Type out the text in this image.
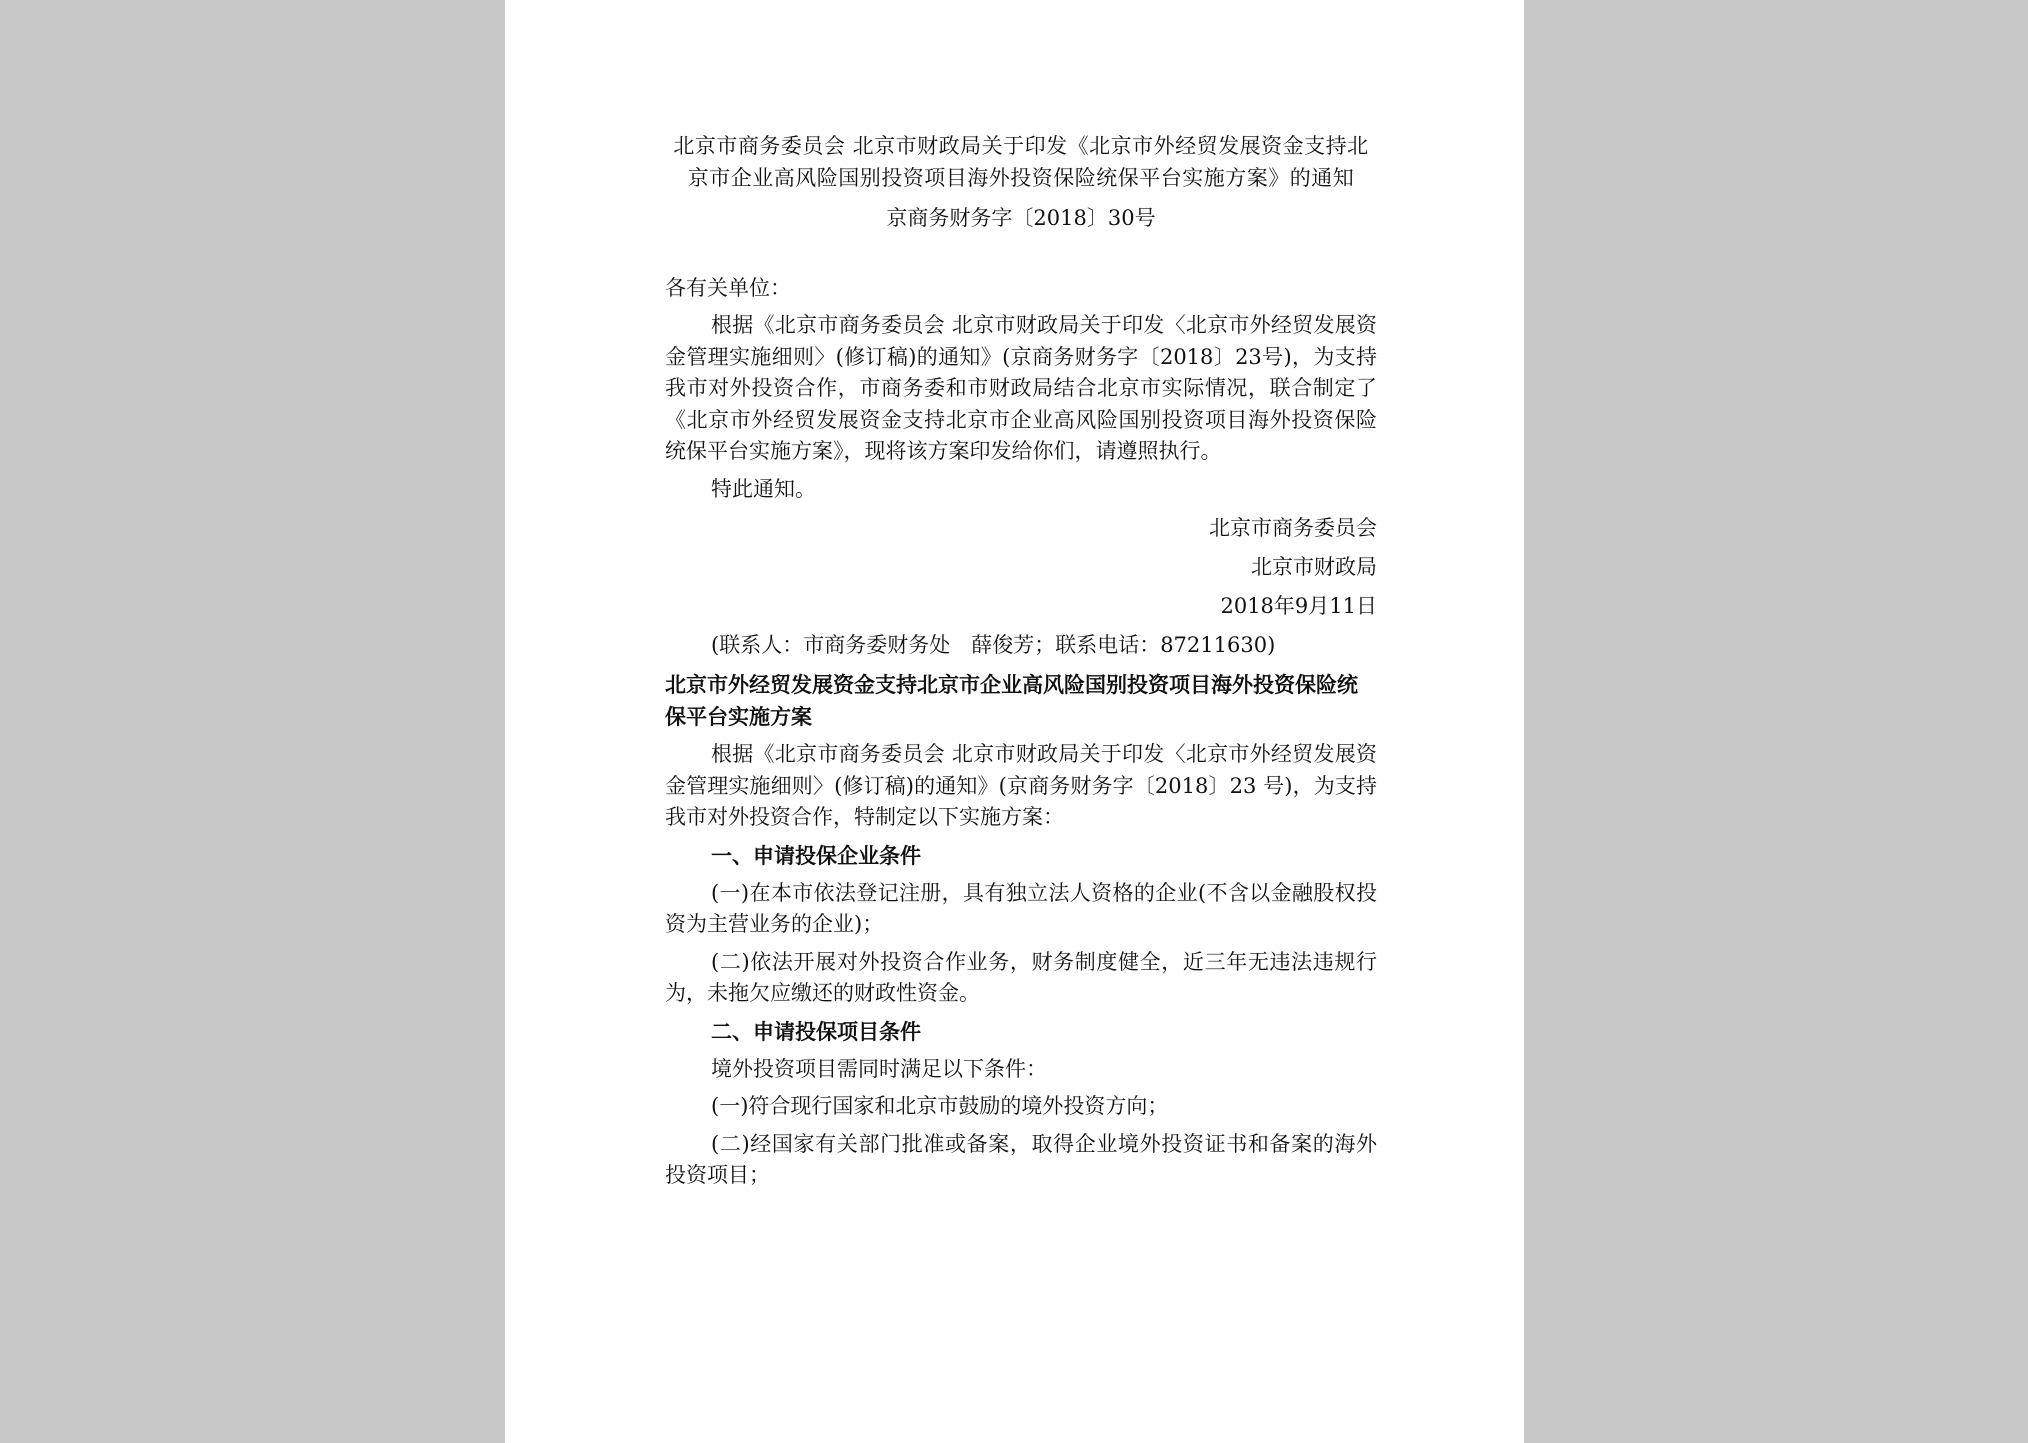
北京市商务委员会 北京市财政局关于印发《北京市外经贸发展资金支持北京市企业高风险国别投资项目海外投资保险统保平台实施方案》的通知
京商务财务字〔2018〕30号
各有关单位：

根据《北京市商务委员会 北京市财政局关于印发〈北京市外经贸发展资金管理实施细则〉(修订稿)的通知》(京商务财务字〔2018〕23号)，为支持我市对外投资合作，市商务委和市财政局结合北京市实际情况，联合制定了《北京市外经贸发展资金支持北京市企业高风险国别投资项目海外投资保险统保平台实施方案》，现将该方案印发给你们，请遵照执行。

特此通知。

北京市商务委员会
北京市财政局
2018年9月11日
(联系人：市商务委财务处　薛俊芳；联系电话：87211630)
北京市外经贸发展资金支持北京市企业高风险国别投资项目海外投资保险统保平台实施方案

根据《北京市商务委员会 北京市财政局关于印发〈北京市外经贸发展资金管理实施细则〉(修订稿)的通知》(京商务财务字〔2018〕23 号)，为支持我市对外投资合作，特制定以下实施方案：

一、申请投保企业条件

(一)在本市依法登记注册，具有独立法人资格的企业(不含以金融股权投资为主营业务的企业)；

(二)依法开展对外投资合作业务，财务制度健全，近三年无违法违规行为，未拖欠应缴还的财政性资金。

二、申请投保项目条件

境外投资项目需同时满足以下条件：

(一)符合现行国家和北京市鼓励的境外投资方向；

(二)经国家有关部门批准或备案，取得企业境外投资证书和备案的海外投资项目；
